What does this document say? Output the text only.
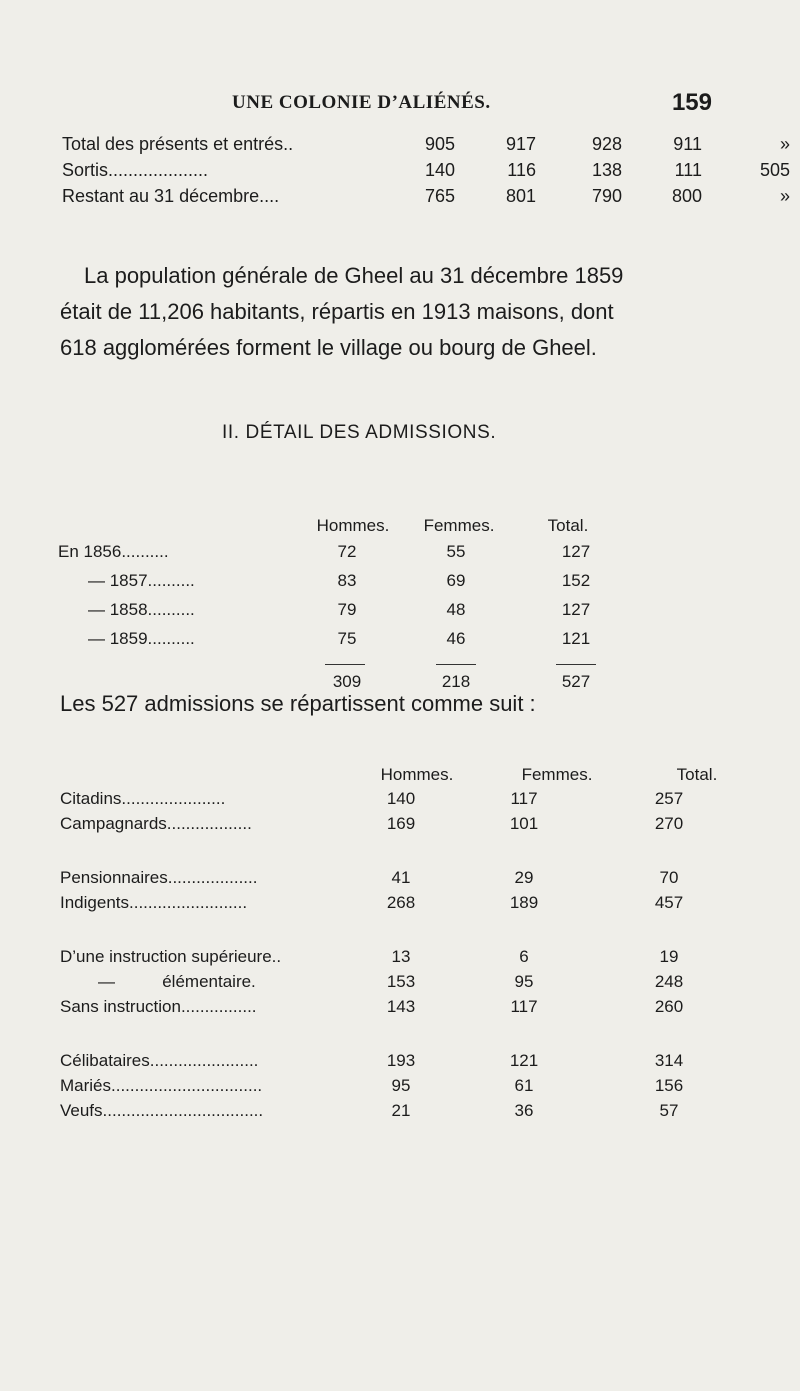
UNE COLONIE D’ALIÉNÉS.	159
Total des présents et entrés..	905	917	928	911	»
Sortis....................	140	116	138	111	505
Restant au 31 décembre....	765	801	790	800	»
La population générale de Gheel au 31 décembre 1859
était de 11,206 habitants, répartis en 1913 maisons, dont
618 agglomérées forment le village ou bourg de Gheel.
II. DÉTAIL DES ADMISSIONS.
Hommes. Femmes.	Total.
En 1856..........	72	55	127
— 1857..........	83	69	152
— 1858..........	79	48	127
— 1859..........	75	46	121
309	218	527
Les 527 admissions se répartissent comme suit :
Hommes.	Femmes.	Total.
Citadins......................	140	117	257
Campagnards..................	169	101	270
Pensionnaires...................	41	29	70
Indigents.........................	268	189	457
D’une instruction supérieure..	13	6	19
—          élémentaire.	153	95	248
Sans instruction................	143	117	260
Célibataires.......................	193	121	314
Mariés................................	95	61	156
Veufs..................................	21	36	57
